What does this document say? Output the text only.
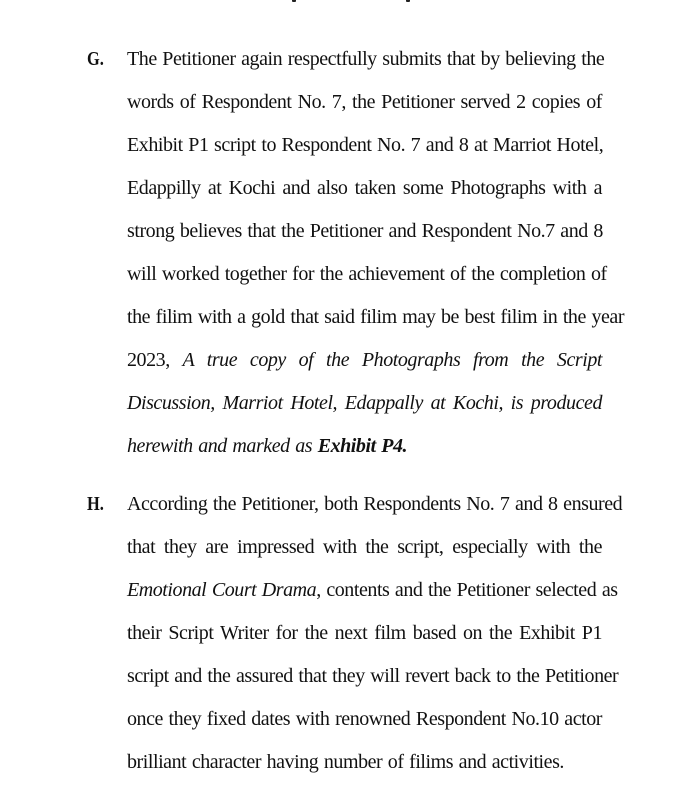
G. The Petitioner again respectfully submits that by believing the
words of Respondent No. 7, the Petitioner served 2 copies of
Exhibit P1 script to Respondent No. 7 and 8 at Marriot Hotel,
Edappilly at Kochi and also taken some Photographs with a
strong believes that the Petitioner and Respondent No.7 and 8
will worked together for the achievement of the completion of
the filim with a gold that said filim may be best filim in the year
2023, A true copy of the Photographs from the Script
Discussion, Marriot Hotel, Edappally at Kochi, is produced
herewith and marked as Exhibit P4.
H. According the Petitioner, both Respondents No. 7 and 8 ensured
that they are impressed with the script, especially with the
Emotional Court Drama, contents and the Petitioner selected as
their Script Writer for the next film based on the Exhibit P1
script and the assured that they will revert back to the Petitioner
once they fixed dates with renowned Respondent No.10 actor
brilliant character having number of filims and activities.
